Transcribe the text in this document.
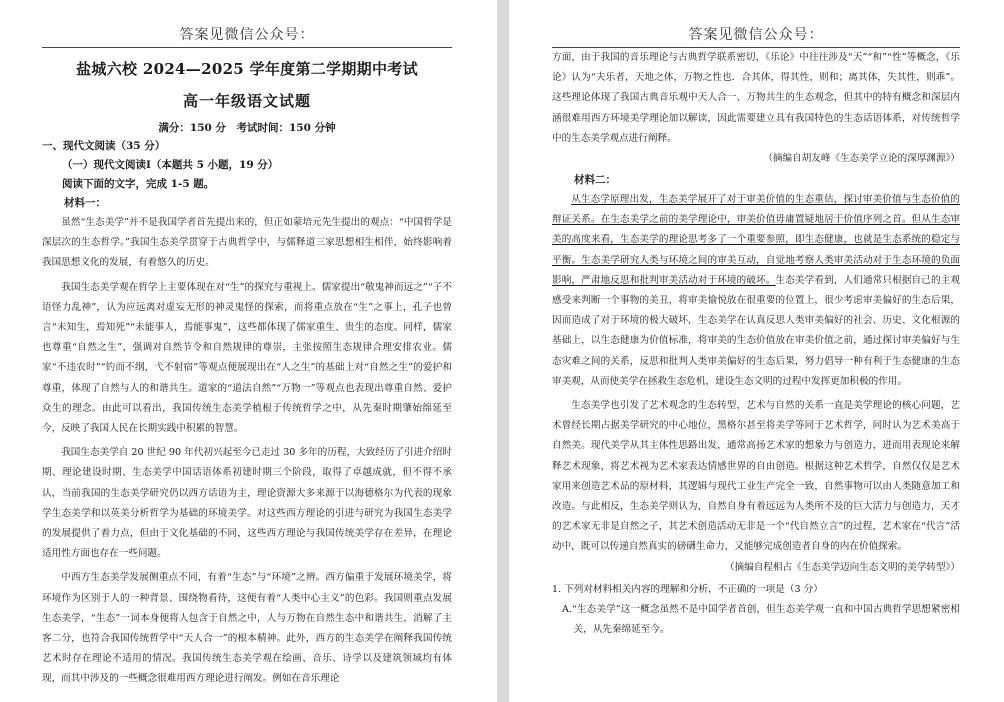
答案见微信公众号：
盐城六校 2024—2025 学年度第二学期期中考试
高一年级语文试题
满分：150 分　考试时间：150 分钟
一、现代文阅读（35 分）
（一）现代文阅读Ⅰ（本题共 5 小题，19 分）
阅读下面的文字，完成 1-5 题。
材料一：

虽然“生态美学”并不是我国学者首先提出来的，但正如蒙培元先生提出的观点：“中国哲学是深层次的生态哲学。”我国生态美学贯穿于古典哲学中，与儒释道三家思想相生相伴，始终影响着我国思想文化的发展，有着悠久的历史。

我国生态美学观在哲学上主要体现在对“生”的探究与重视上。儒家提出“敬鬼神而远之”“子不语怪力乱神”，认为应远离对虚妄无形的神灵鬼怪的探索，而将重点放在“生”之事上，孔子也曾言“未知生，焉知死”“未能事人，焉能事鬼”，这些都体现了儒家重生、贵生的态度。同样，儒家也尊重“自然之生”，强调对自然节令和自然规律的尊崇，主张按照生态规律合理安排农业。儒家“不违农时”“钓而不纲，弋不射宿”等观点便展现出在“人之生”的基础上对“自然之生”的爱护和尊重，体现了自然与人的和谐共生。道家的“道法自然”“万物一”等观点也表现出尊重自然、爱护众生的理念。由此可以看出，我国传统生态美学植根于传统哲学之中，从先秦时期肇始绵延至今，反映了我国人民在长期实践中积累的智慧。

我国生态美学自 20 世纪 90 年代初兴起至今已走过 30 多年的历程，大致经历了引进介绍时期、理论建设时期、生态美学中国话语体系初建时期三个阶段，取得了卓越成就，但不得不承认，当前我国的生态美学研究仍以西方话语为主，理论资源大多来源于以海德格尔为代表的现象学生态美学和以英美分析哲学为基础的环境美学。对这些西方理论的引进与研究为我国生态美学的发展提供了着力点，但由于文化基础的不同，这些西方理论与我国传统美学存在差异，在理论适用性方面也存在一些问题。

中西方生态美学发展侧重点不同，有着“生态”与“环境”之辨。西方偏重于发展环境美学，将环境作为区别于人的一种背景、围绕物看待，这便有着“人类中心主义”的色彩。我国则重点发展生态美学，“生态”一词本身便将人包含于自然之中，人与万物在自然生态中和谐共生，消解了主客二分，也符合我国传统哲学中“天人合一”的根本精神。此外，西方的生态美学在阐释我国传统艺术时存在理论不适用的情况。我国传统生态美学观在绘画、音乐、诗学以及建筑领域均有体现，而其中涉及的一些概念很难用西方理论进行阐发。例如在音乐理论

答案见微信公众号：

方面，由于我国的音乐理论与古典哲学联系密切，《乐论》中往往涉及“天”“和”“性”等概念，《乐论》认为“夫乐者，天地之体，万物之性也．合其体，得其性，则和；离其体，失其性，则乖”。这些理论体现了我国古典音乐观中天人合一、万物共生的生态观念，但其中的特有概念和深层内涵很难用西方环境美学理论加以解读，因此需要建立具有我国特色的生态话语体系，对传统哲学中的生态美学观点进行阐释。

（摘编自胡友峰《生态美学立论的深厚渊源》）

材料二：

从生态学原理出发，生态美学展开了对于审美价值的生态重估，探讨审美价值与生态价值的辩证关系。在生态美学之前的美学理论中，审美价值毋庸置疑地居于价值序列之首。但从生态审美的高度来看，生态美学的理论思考多了一个重要参照，即生态健康，也就是生态系统的稳定与平衡。生态美学研究人类与环境之间的审美互动，自觉地考察人类审美活动对于生态环境的负面影响，严肃地反思和批判审美活动对于环境的破坏。生态美学看到，人们通常只根据自己的主观感受来判断一个事物的美丑，将审美愉悦放在很重要的位置上，很少考虑审美偏好的生态后果，因而造成了对于环境的极大破坏，生态美学在认真反思人类审美偏好的社会、历史、文化根源的基础上，以生态健康为价值标准，将审美的生态价值放在审美价值之前，通过探讨审美偏好与生态灾难之间的关系，反思和批判人类审美偏好的生态后果，努力倡导一种有利于生态健康的生态审美观，从而使美学在拯救生态危机，建设生态文明的过程中发挥更加积极的作用。

生态美学也引发了艺术观念的生态转型，艺术与自然的关系一直是美学理论的核心问题，艺术曾经长期占据美学研究的中心地位，黑格尔甚至将美学等同于艺术哲学，同时认为艺术美高于自然美。现代美学从其主体性思路出发，通常高扬艺术家的想象力与创造力，进而用表现论来解释艺术现象，将艺术视为艺术家表达情感世界的自由创造。根据这种艺术哲学，自然仅仅是艺术家用来创造艺术品的原材料，其逻辑与现代工业生产完全一致，自然事物可以由人类随意加工和改造。与此相反，生态美学则认为，自然自身有着远远为人类所不及的巨大活力与创造力，天才的艺术家无非是自然之子，其艺术创造活动无非是一个“代自然立言”的过程，艺术家在“代言”活动中，既可以传递自然真实的磅礴生命力，又能够完成创造者自身的内在价值探索。

（摘编自程相占《生态美学迈向生态文明的美学转型》）

1. 下列对材料相关内容的理解和分析，不正确的一项是（3 分）

A.“生态美学”这一概念虽然不是中国学者首创，但生态美学观一直和中国古典哲学思想紧密相关，从先秦绵延至今。
